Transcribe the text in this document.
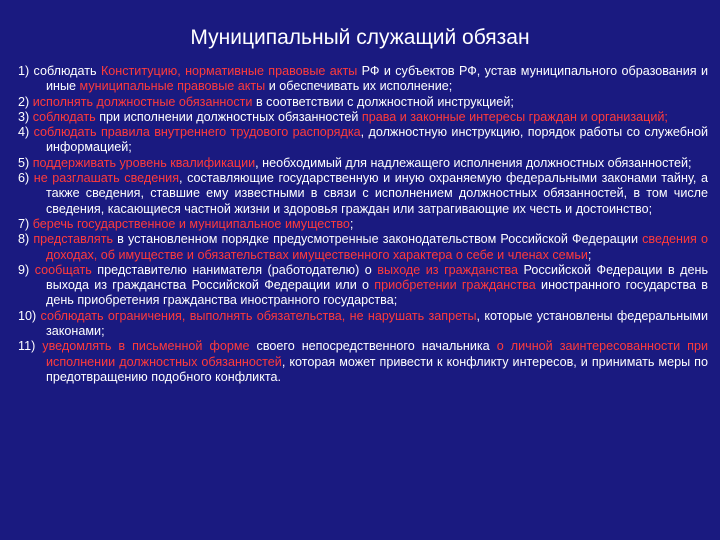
Муниципальный служащий обязан
1) соблюдать Конституцию, нормативные правовые акты РФ и субъектов РФ, устав муниципального образования и иные муниципальные правовые акты и обеспечивать их исполнение;
2) исполнять должностные обязанности в соответствии с должностной инструкцией;
3) соблюдать при исполнении должностных обязанностей права и законные интересы граждан и организаций;
4) соблюдать правила внутреннего трудового распорядка, должностную инструкцию, порядок работы со служебной информацией;
5) поддерживать уровень квалификации, необходимый для надлежащего исполнения должностных обязанностей;
6) не разглашать сведения, составляющие государственную и иную охраняемую федеральными законами тайну, а также сведения, ставшие ему известными в связи с исполнением должностных обязанностей, в том числе сведения, касающиеся частной жизни и здоровья граждан или затрагивающие их честь и достоинство;
7) беречь государственное и муниципальное имущество;
8) представлять в установленном порядке предусмотренные законодательством Российской Федерации сведения о доходах, об имуществе и обязательствах имущественного характера о себе и членах семьи;
9) сообщать представителю нанимателя (работодателю) о выходе из гражданства Российской Федерации в день выхода из гражданства Российской Федерации или о приобретении гражданства иностранного государства в день приобретения гражданства иностранного государства;
10) соблюдать ограничения, выполнять обязательства, не нарушать запреты, которые установлены федеральными законами;
11) уведомлять в письменной форме своего непосредственного начальника о личной заинтересованности при исполнении должностных обязанностей, которая может привести к конфликту интересов, и принимать меры по предотвращению подобного конфликта.
